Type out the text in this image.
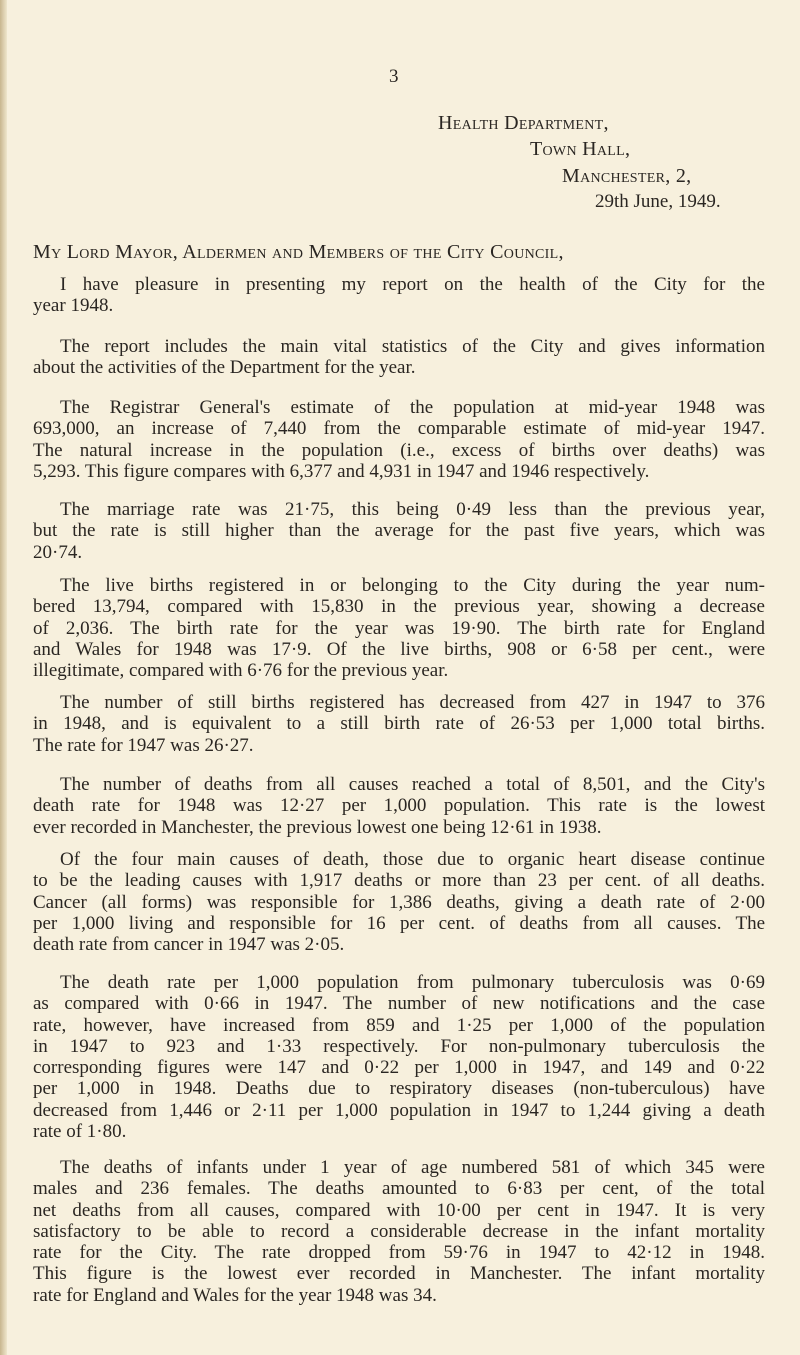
3
Health Department,
Town Hall,
Manchester, 2,
29th June, 1949.
My Lord Mayor, Aldermen and Members of the City Council,
I have pleasure in presenting my report on the health of the City for the
year 1948.
The report includes the main vital statistics of the City and gives information
about the activities of the Department for the year.
The Registrar General's estimate of the population at mid-year 1948 was
693,000, an increase of 7,440 from the comparable estimate of mid-year 1947.
The natural increase in the population (i.e., excess of births over deaths) was
5,293. This figure compares with 6,377 and 4,931 in 1947 and 1946 respectively.
The marriage rate was 21·75, this being 0·49 less than the previous year,
but the rate is still higher than the average for the past five years, which was
20·74.
The live births registered in or belonging to the City during the year num-
bered 13,794, compared with 15,830 in the previous year, showing a decrease
of 2,036. The birth rate for the year was 19·90. The birth rate for England
and Wales for 1948 was 17·9. Of the live births, 908 or 6·58 per cent., were
illegitimate, compared with 6·76 for the previous year.
The number of still births registered has decreased from 427 in 1947 to 376
in 1948, and is equivalent to a still birth rate of 26·53 per 1,000 total births.
The rate for 1947 was 26·27.
The number of deaths from all causes reached a total of 8,501, and the City's
death rate for 1948 was 12·27 per 1,000 population. This rate is the lowest
ever recorded in Manchester, the previous lowest one being 12·61 in 1938.
Of the four main causes of death, those due to organic heart disease continue
to be the leading causes with 1,917 deaths or more than 23 per cent. of all deaths.
Cancer (all forms) was responsible for 1,386 deaths, giving a death rate of 2·00
per 1,000 living and responsible for 16 per cent. of deaths from all causes. The
death rate from cancer in 1947 was 2·05.
The death rate per 1,000 population from pulmonary tuberculosis was 0·69
as compared with 0·66 in 1947. The number of new notifications and the case
rate, however, have increased from 859 and 1·25 per 1,000 of the population
in 1947 to 923 and 1·33 respectively. For non-pulmonary tuberculosis the
corresponding figures were 147 and 0·22 per 1,000 in 1947, and 149 and 0·22
per 1,000 in 1948. Deaths due to respiratory diseases (non-tuberculous) have
decreased from 1,446 or 2·11 per 1,000 population in 1947 to 1,244 giving a death
rate of 1·80.
The deaths of infants under 1 year of age numbered 581 of which 345 were
males and 236 females. The deaths amounted to 6·83 per cent, of the total
net deaths from all causes, compared with 10·00 per cent in 1947. It is very
satisfactory to be able to record a considerable decrease in the infant mortality
rate for the City. The rate dropped from 59·76 in 1947 to 42·12 in 1948.
This figure is the lowest ever recorded in Manchester. The infant mortality
rate for England and Wales for the year 1948 was 34.
